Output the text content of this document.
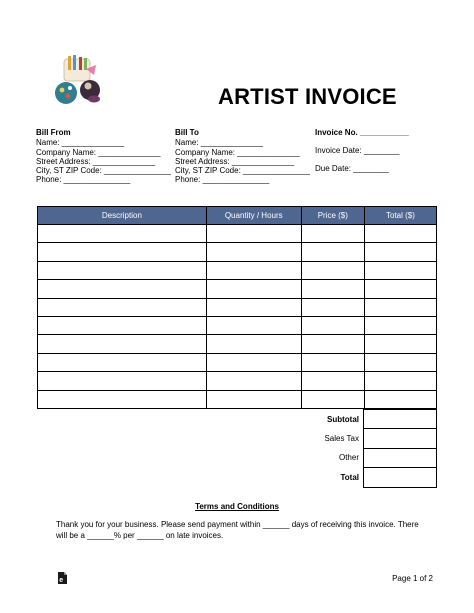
ARTIST INVOICE
Bill From
Name: ______________
Company Name: ______________
Street Address: ______________
City, ST ZIP Code: _______________
Phone: _______________
Bill To
Name: ______________
Company Name: ______________
Street Address: ______________
City, ST ZIP Code: _______________
Phone: _______________
Invoice No. ___________
Invoice Date: ________
Due Date: ________
Description	Quantity / Hours	Price ($)	Total ($)

Subtotal	
Sales Tax	
Other	
Total	
Terms and Conditions
Thank you for your business. Please send payment within ______ days of receiving this invoice. There will be a ______% per ______ on late invoices.
e	Page 1 of 2
